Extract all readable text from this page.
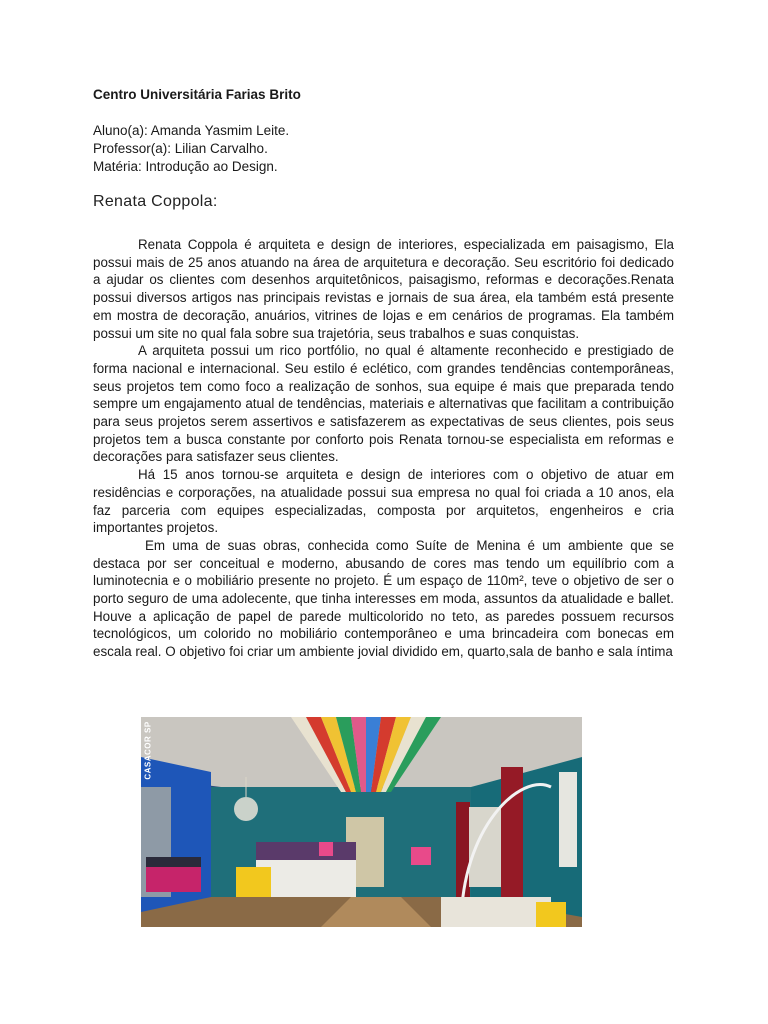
Centro Universitária Farias Brito
Aluno(a): Amanda Yasmim Leite.
Professor(a): Lilian Carvalho.
Matéria: Introdução ao Design.
Renata Coppola:

Renata Coppola é arquiteta e design de interiores, especializada em paisagismo, Ela possui mais de 25 anos atuando na área de arquitetura e decoração. Seu escritório foi dedicado a ajudar os clientes com desenhos arquitetônicos, paisagismo, reformas e decorações.Renata possui diversos artigos nas principais revistas e jornais de sua área, ela também está presente em mostra de decoração, anuários, vitrines de lojas e em cenários de programas. Ela também possui um site no qual fala sobre sua trajetória, seus trabalhos e suas conquistas.

A arquiteta possui um rico portfólio, no qual é altamente reconhecido e prestigiado de forma nacional e internacional. Seu estilo é eclético, com grandes tendências contemporâneas, seus projetos tem como foco a realização de sonhos, sua equipe é mais que preparada tendo sempre um engajamento atual de tendências, materiais e alternativas que facilitam a contribuição para seus projetos serem assertivos e satisfazerem as expectativas de seus clientes, pois seus projetos tem a busca constante por conforto pois Renata tornou-se especialista em reformas e decorações para satisfazer seus clientes.

Há 15 anos tornou-se arquiteta e design de interiores com o objetivo de atuar em residências e corporações, na atualidade possui sua empresa no qual foi criada a 10 anos, ela faz parceria com equipes especializadas, composta por arquitetos, engenheiros e cria importantes projetos.

Em uma de suas obras, conhecida como Suíte de Menina é um ambiente que se destaca por ser conceitual e moderno, abusando de cores mas tendo um equilíbrio com a luminotecnia e o mobiliário presente no projeto. É um espaço de 110m², teve o objetivo de ser o porto seguro de uma adolecente, que tinha interesses em moda, assuntos da atualidade e ballet. Houve a aplicação de papel de parede multicolorido no teto, as paredes possuem recursos tecnológicos, um colorido no mobiliário contemporâneo e uma brincadeira com bonecas em escala real. O objetivo foi criar um ambiente jovial dividido em, quarto,sala de banho e sala íntima

CASACOR SP
